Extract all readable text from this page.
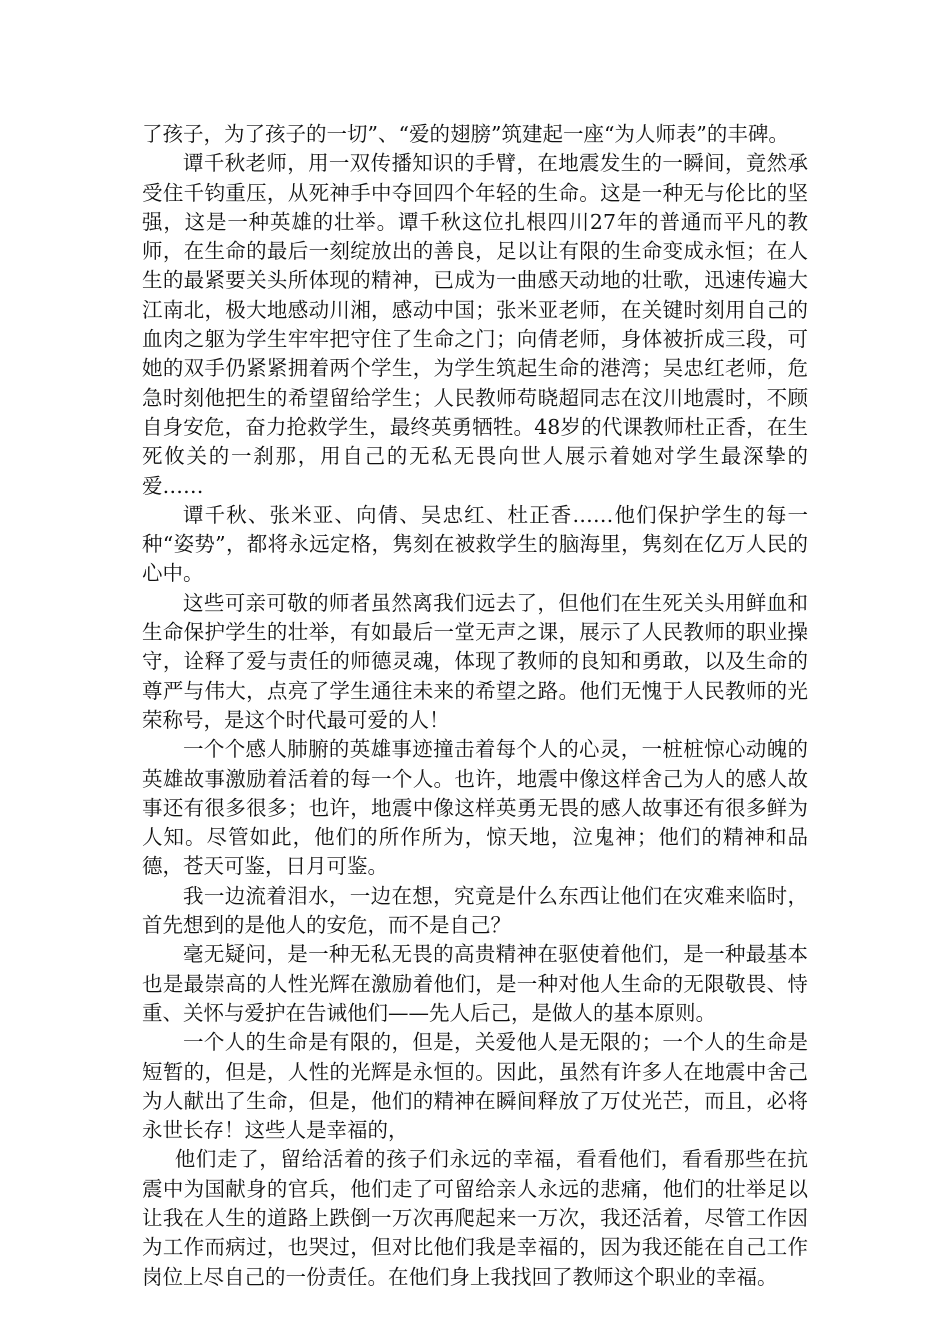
了孩子，为了孩子的一切”、“爱的翅膀”筑建起一座“为人师表”的丰碑。

谭千秋老师，用一双传播知识的手臂，在地震发生的一瞬间，竟然承受住千钧重压，从死神手中夺回四个年轻的生命。这是一种无与伦比的坚强，这是一种英雄的壮举。谭千秋这位扎根四川27年的普通而平凡的教师，在生命的最后一刻绽放出的善良，足以让有限的生命变成永恒；在人生的最紧要关头所体现的精神，已成为一曲感天动地的壮歌，迅速传遍大江南北，极大地感动川湘，感动中国；张米亚老师，在关键时刻用自己的血肉之躯为学生牢牢把守住了生命之门；向倩老师，身体被折成三段，可她的双手仍紧紧拥着两个学生，为学生筑起生命的港湾；吴忠红老师，危急时刻他把生的希望留给学生；人民教师苟晓超同志在汶川地震时，不顾自身安危，奋力抢救学生，最终英勇牺牲。48岁的代课教师杜正香，在生死攸关的一刹那，用自己的无私无畏向世人展示着她对学生最深挚的爱……

谭千秋、张米亚、向倩、吴忠红、杜正香……他们保护学生的每一种“姿势”，都将永远定格，隽刻在被救学生的脑海里，隽刻在亿万人民的心中。

这些可亲可敬的师者虽然离我们远去了，但他们在生死关头用鲜血和生命保护学生的壮举，有如最后一堂无声之课，展示了人民教师的职业操守，诠释了爱与责任的师德灵魂，体现了教师的良知和勇敢，以及生命的尊严与伟大，点亮了学生通往未来的希望之路。他们无愧于人民教师的光荣称号，是这个时代最可爱的人！

一个个感人肺腑的英雄事迹撞击着每个人的心灵，一桩桩惊心动魄的英雄故事激励着活着的每一个人。也许，地震中像这样舍己为人的感人故事还有很多很多；也许，地震中像这样英勇无畏的感人故事还有很多鲜为人知。尽管如此，他们的所作所为，惊天地，泣鬼神；他们的精神和品德，苍天可鉴，日月可鉴。

我一边流着泪水，一边在想，究竟是什么东西让他们在灾难来临时，首先想到的是他人的安危，而不是自己？

毫无疑问，是一种无私无畏的高贵精神在驱使着他们，是一种最基本也是最崇高的人性光辉在激励着他们，是一种对他人生命的无限敬畏、恃重、关怀与爱护在告诫他们——先人后己，是做人的基本原则。

一个人的生命是有限的，但是，关爱他人是无限的；一个人的生命是短暂的，但是，人性的光辉是永恒的。因此，虽然有许多人在地震中舍己为人献出了生命，但是，他们的精神在瞬间释放了万仗光芒，而且，必将永世长存！这些人是幸福的，

他们走了，留给活着的孩子们永远的幸福，看看他们，看看那些在抗震中为国献身的官兵，他们走了可留给亲人永远的悲痛，他们的壮举足以让我在人生的道路上跌倒一万次再爬起来一万次，我还活着，尽管工作因为工作而病过，也哭过，但对比他们我是幸福的，因为我还能在自己工作岗位上尽自己的一份责任。在他们身上我找回了教师这个职业的幸福。
